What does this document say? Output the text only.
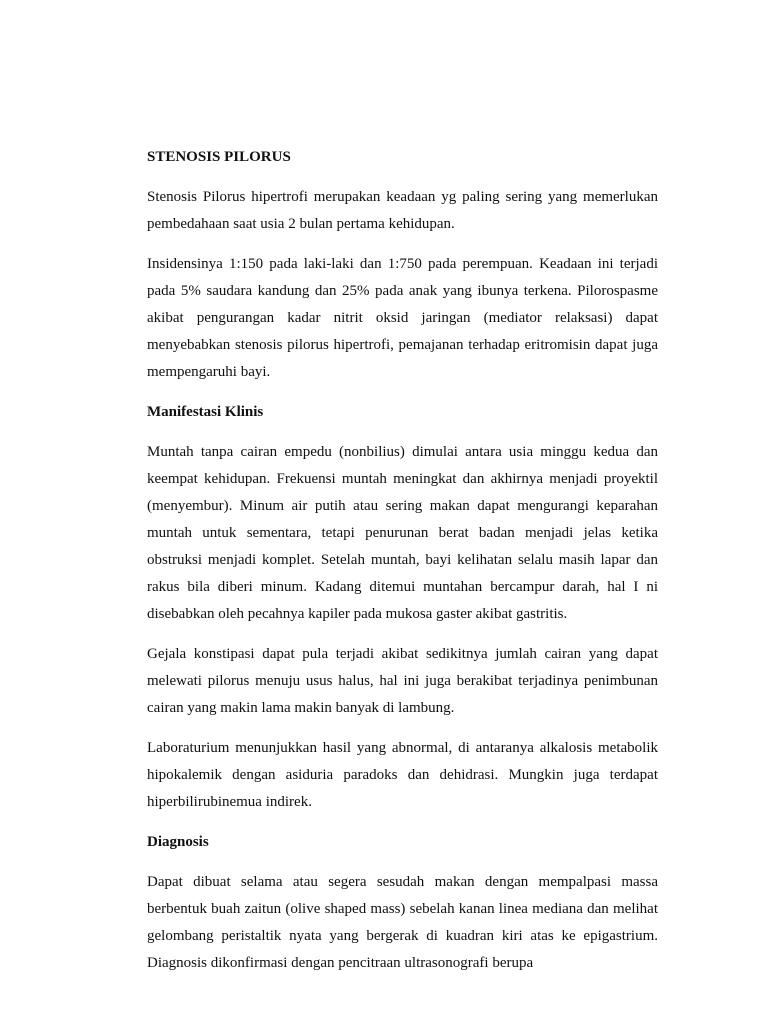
STENOSIS PILORUS

Stenosis Pilorus hipertrofi merupakan keadaan yg paling sering yang memerlukan pembedahaan saat usia 2 bulan pertama kehidupan.

Insidensinya 1:150 pada laki-laki dan 1:750 pada perempuan. Keadaan ini terjadi pada 5% saudara kandung dan 25% pada anak yang ibunya terkena. Pilorospasme akibat pengurangan kadar nitrit oksid jaringan (mediator relaksasi) dapat menyebabkan stenosis pilorus hipertrofi, pemajanan terhadap eritromisin dapat juga mempengaruhi bayi.

Manifestasi Klinis

Muntah tanpa cairan empedu (nonbilius) dimulai antara usia minggu kedua dan keempat kehidupan. Frekuensi muntah meningkat dan akhirnya menjadi proyektil (menyembur). Minum air putih atau sering makan dapat mengurangi keparahan muntah untuk sementara, tetapi penurunan berat badan menjadi jelas ketika obstruksi menjadi komplet. Setelah muntah, bayi kelihatan selalu masih lapar dan rakus bila diberi minum. Kadang ditemui muntahan bercampur darah, hal I ni disebabkan oleh pecahnya kapiler pada mukosa gaster akibat gastritis.

Gejala konstipasi dapat pula terjadi akibat sedikitnya jumlah cairan yang dapat melewati pilorus menuju usus halus, hal ini juga berakibat terjadinya penimbunan cairan yang makin lama makin banyak di lambung.

Laboraturium menunjukkan hasil yang abnormal, di antaranya alkalosis metabolik hipokalemik dengan asiduria paradoks dan dehidrasi. Mungkin juga terdapat hiperbilirubinemua indirek.

Diagnosis

Dapat dibuat selama atau segera sesudah makan dengan mempalpasi massa berbentuk buah zaitun (olive shaped mass) sebelah kanan linea mediana dan melihat gelombang peristaltik nyata yang bergerak di kuadran kiri atas ke epigastrium. Diagnosis dikonfirmasi dengan pencitraan ultrasonografi berupa
